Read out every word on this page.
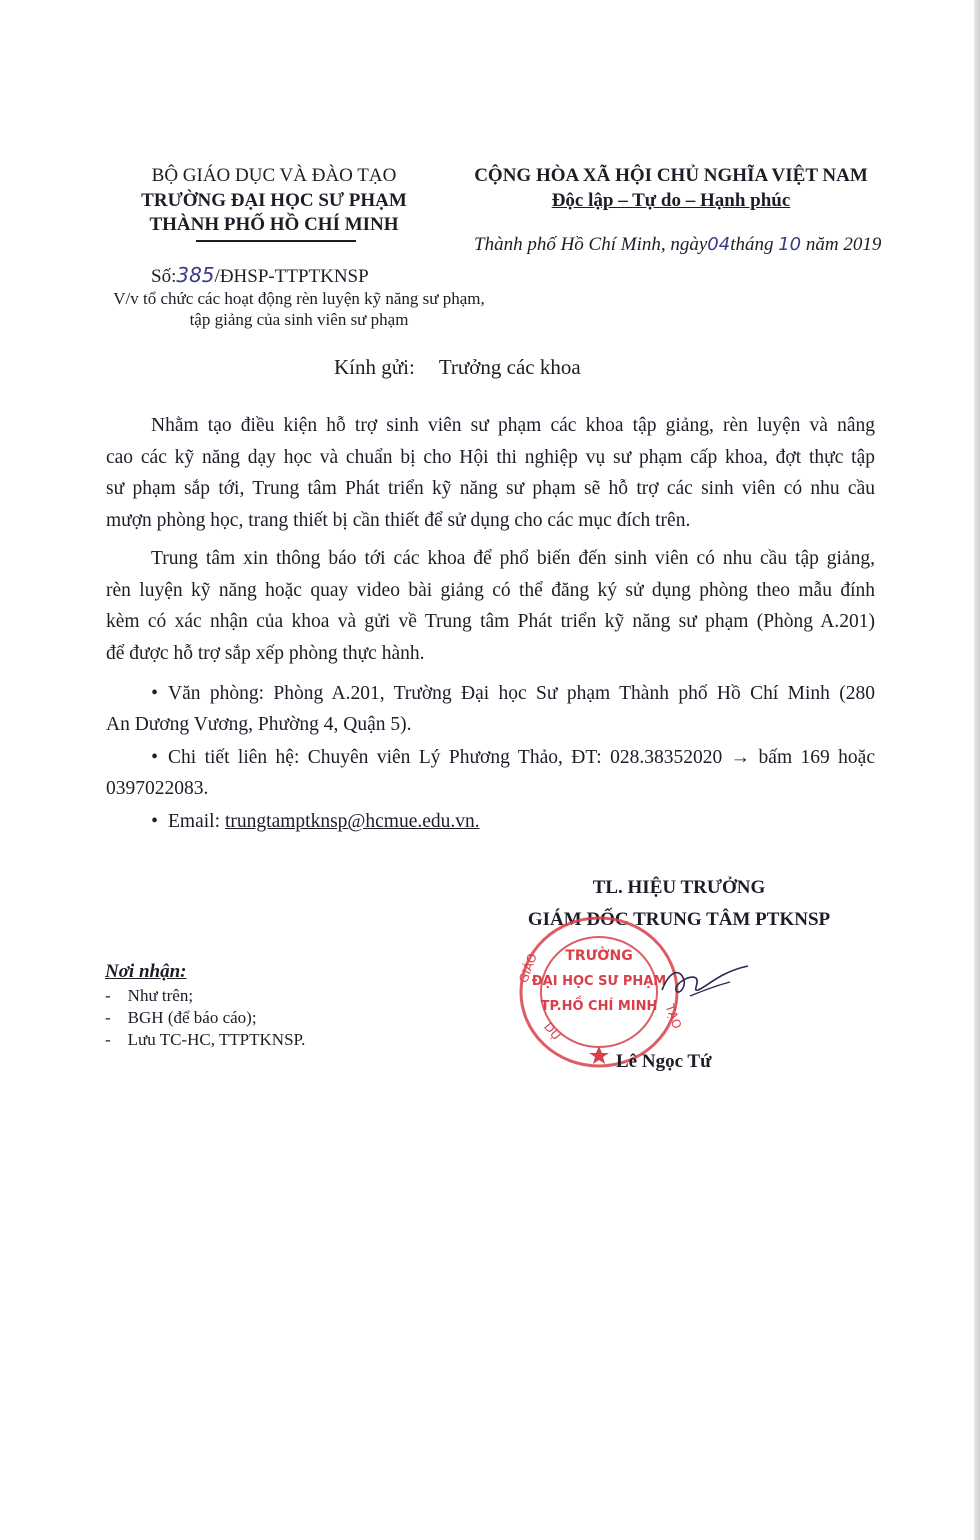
BỘ GIÁO DỤC VÀ ĐÀO TẠO
TRƯỜNG ĐẠI HỌC SƯ PHẠM
THÀNH PHỐ HỒ CHÍ MINH
Số:385/ĐHSP-TTPTKNSP
V/v tổ chức các hoạt động rèn luyện kỹ năng sư phạm,
tập giảng của sinh viên sư phạm
CỘNG HÒA XÃ HỘI CHỦ NGHĨA VIỆT NAM
Độc lập – Tự do – Hạnh phúc
Thành phố Hồ Chí Minh, ngày04tháng 10 năm 2019
Kính gửi: Trưởng các khoa
Nhằm tạo điều kiện hỗ trợ sinh viên sư phạm các khoa tập giảng, rèn luyện và nâng
cao các kỹ năng dạy học và chuẩn bị cho Hội thi nghiệp vụ sư phạm cấp khoa, đợt thực tập
sư phạm sắp tới, Trung tâm Phát triển kỹ năng sư phạm sẽ hỗ trợ các sinh viên có nhu cầu
mượn phòng học, trang thiết bị cần thiết để sử dụng cho các mục đích trên.
Trung tâm xin thông báo tới các khoa để phổ biến đến sinh viên có nhu cầu tập giảng,
rèn luyện kỹ năng hoặc quay video bài giảng có thể đăng ký sử dụng phòng theo mẫu đính
kèm có xác nhận của khoa và gửi về Trung tâm Phát triển kỹ năng sư phạm (Phòng A.201)
để được hỗ trợ sắp xếp phòng thực hành.
• Văn phòng: Phòng A.201, Trường Đại học Sư phạm Thành phố Hồ Chí Minh (280
An Dương Vương, Phường 4, Quận 5).
• Chi tiết liên hệ: Chuyên viên Lý Phương Thảo, ĐT: 028.38352020 → bấm 169 hoặc
0397022083.
• Email: trungtamptknsp@hcmue.edu.vn.
TL. HIỆU TRƯỞNG
GIÁM ĐỐC TRUNG TÂM PTKNSP
GIÁO
TẠO
DỤ
TRƯỜNG
ĐẠI HỌC SƯ PHẠM
TP.HỒ CHÍ MINH
Lê Ngọc Tứ
Nơi nhận:
-    Như trên;
-    BGH (để báo cáo);
-    Lưu TC-HC, TTPTKNSP.
